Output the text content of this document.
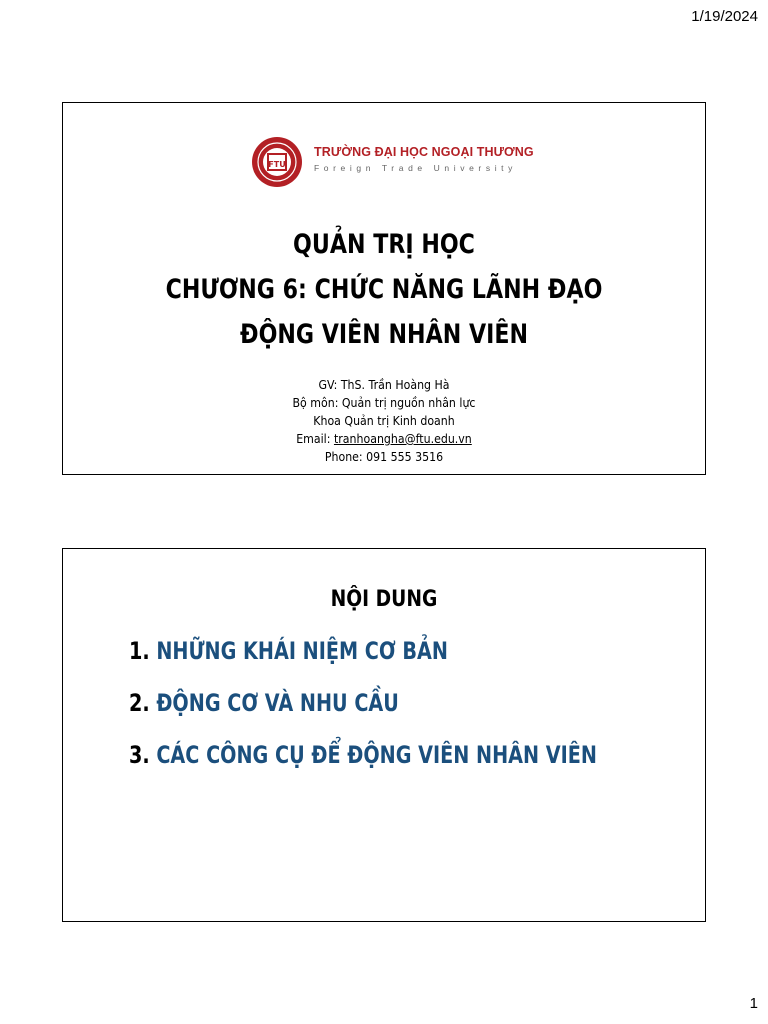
1/19/2024
FTU
TRƯỜNG ĐẠI HỌC NGOẠI THƯƠNG
Foreign Trade University
QUẢN TRỊ HỌC
CHƯƠNG 6: CHỨC NĂNG LÃNH ĐẠO
ĐỘNG VIÊN NHÂN VIÊN
GV: ThS. Trần Hoàng Hà
Bộ môn: Quản trị nguồn nhân lực
Khoa Quản trị Kinh doanh
Email: tranhoangha@ftu.edu.vn
Phone: 091 555 3516
NỘI DUNG
1. NHỮNG KHÁI NIỆM CƠ BẢN
2. ĐỘNG CƠ VÀ NHU CẦU
3. CÁC CÔNG CỤ ĐỂ ĐỘNG VIÊN NHÂN VIÊN
1
